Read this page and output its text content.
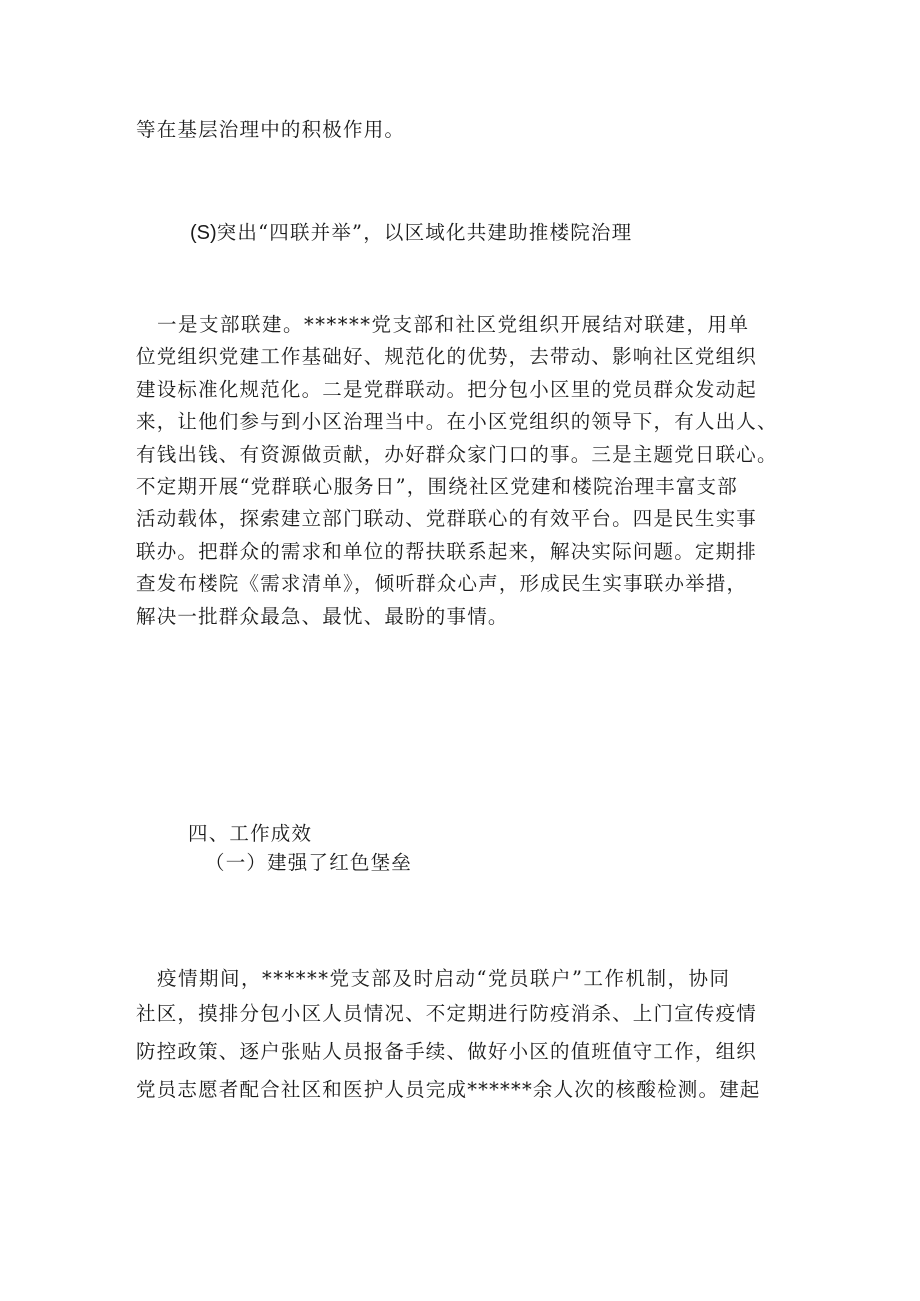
等在基层治理中的积极作用。

(S)突出“四联并举”，以区域化共建助推楼院治理

　一是支部联建。******党支部和社区党组织开展结对联建，用单
位党组织党建工作基础好、规范化的优势，去带动、影响社区党组织
建设标准化规范化。二是党群联动。把分包小区里的党员群众发动起
来，让他们参与到小区治理当中。在小区党组织的领导下，有人出人、
有钱出钱、有资源做贡献，办好群众家门口的事。三是主题党日联心。
不定期开展“党群联心服务日”，围绕社区党建和楼院治理丰富支部
活动载体，探索建立部门联动、党群联心的有效平台。四是民生实事
联办。把群众的需求和单位的帮扶联系起来，解决实际问题。定期排
查发布楼院《需求清单》，倾听群众心声，形成民生实事联办举措，
解决一批群众最急、最忧、最盼的事情。

四、工作成效

（一）建强了红色堡垒

　疫情期间，******党支部及时启动“党员联户”工作机制，协同
社区，摸排分包小区人员情况、不定期进行防疫消杀、上门宣传疫情
防控政策、逐户张贴人员报备手续、做好小区的值班值守工作，组织
党员志愿者配合社区和医护人员完成******余人次的核酸检测。建起
